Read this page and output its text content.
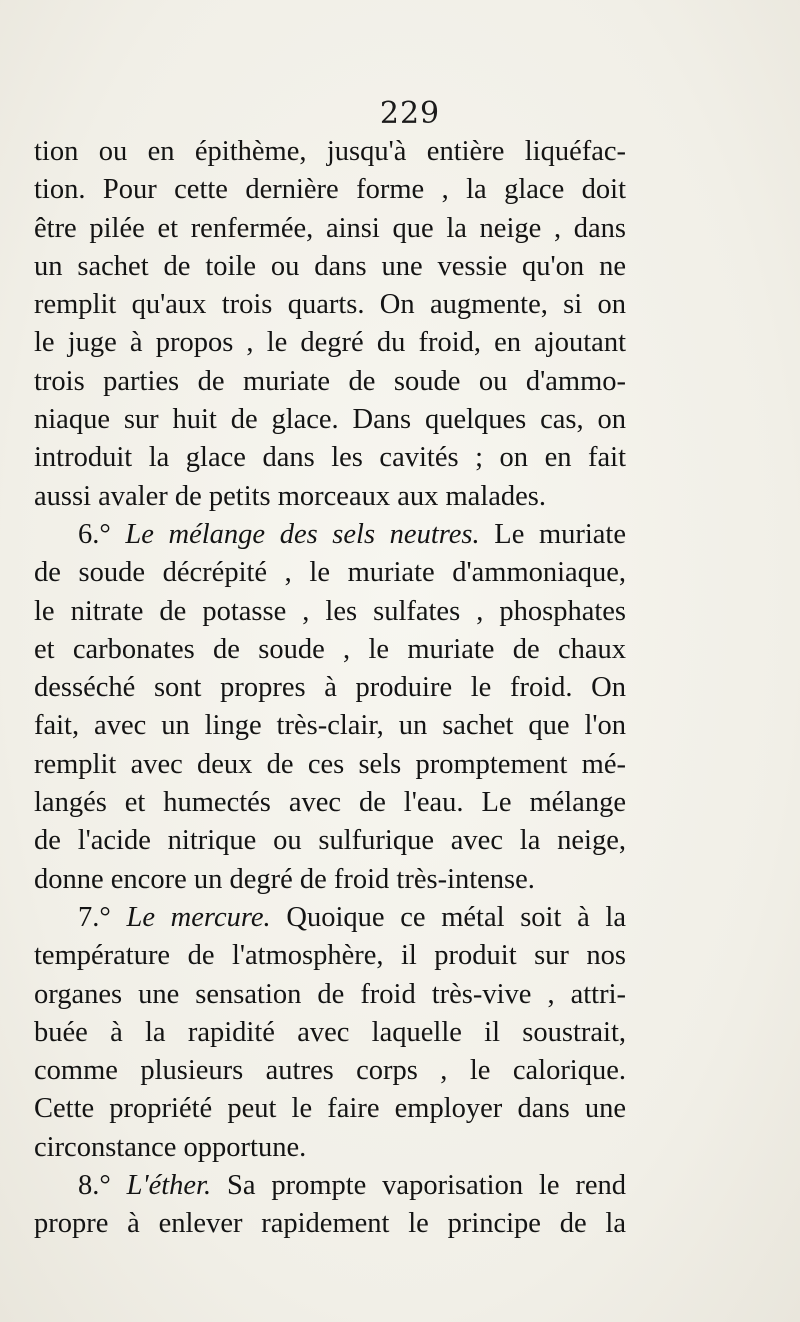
229
tion ou en épithème, jusqu'à entière liquéfac-
tion. Pour cette dernière forme , la glace doit
être pilée et renfermée, ainsi que la neige , dans
un sachet de toile ou dans une vessie qu'on ne
remplit qu'aux trois quarts. On augmente, si on
le juge à propos , le degré du froid, en ajoutant
trois parties de muriate de soude ou d'ammo-
niaque sur huit de glace. Dans quelques cas, on
introduit la glace dans les cavités ; on en fait
aussi avaler de petits morceaux aux malades.
6.° Le mélange des sels neutres. Le muriate
de soude décrépité , le muriate d'ammoniaque,
le nitrate de potasse , les sulfates , phosphates
et carbonates de soude , le muriate de chaux
desséché sont propres à produire le froid. On
fait, avec un linge très-clair, un sachet que l'on
remplit avec deux de ces sels promptement mé-
langés et humectés avec de l'eau. Le mélange
de l'acide nitrique ou sulfurique avec la neige,
donne encore un degré de froid très-intense.
7.° Le mercure. Quoique ce métal soit à la
température de l'atmosphère, il produit sur nos
organes une sensation de froid très-vive , attri-
buée à la rapidité avec laquelle il soustrait,
comme plusieurs autres corps , le calorique.
Cette propriété peut le faire employer dans une
circonstance opportune.
8.° L'éther. Sa prompte vaporisation le rend
propre à enlever rapidement le principe de la
